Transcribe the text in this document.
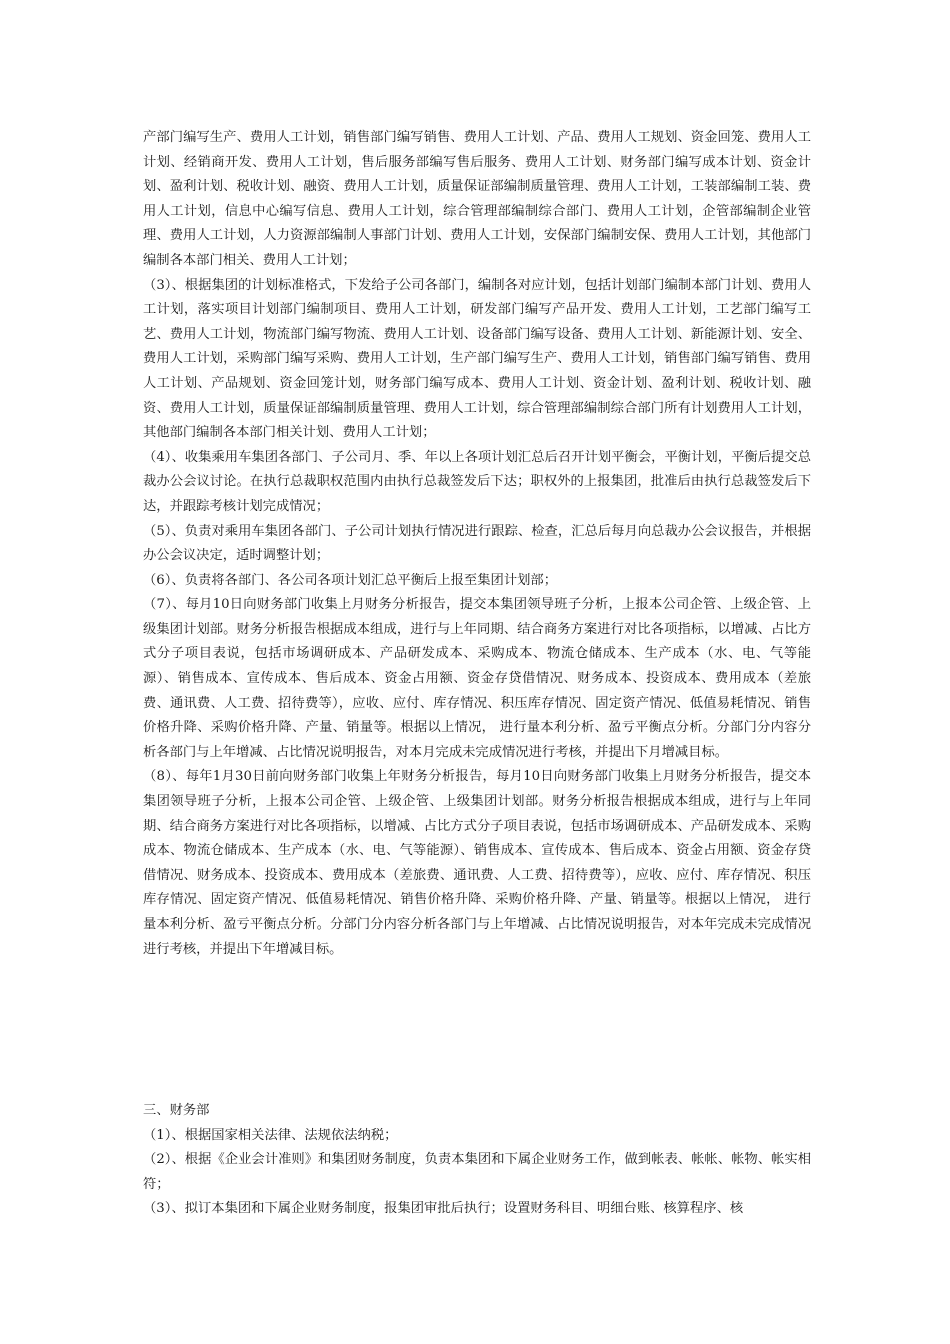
产部门编写生产、费用人工计划，销售部门编写销售、费用人工计划、产品、费用人工规划、资金回笼、费用人工计划、经销商开发、费用人工计划，售后服务部编写售后服务、费用人工计划、财务部门编写成本计划、资金计划、盈利计划、税收计划、融资、费用人工计划，质量保证部编制质量管理、费用人工计划，工装部编制工装、费用人工计划，信息中心编写信息、费用人工计划，综合管理部编制综合部门、费用人工计划，企管部编制企业管理、费用人工计划，人力资源部编制人事部门计划、费用人工计划，安保部门编制安保、费用人工计划，其他部门编制各本部门相关、费用人工计划；

（3）、根据集团的计划标准格式，下发给子公司各部门，编制各对应计划，包括计划部门编制本部门计划、费用人工计划，落实项目计划部门编制项目、费用人工计划，研发部门编写产品开发、费用人工计划，工艺部门编写工艺、费用人工计划，物流部门编写物流、费用人工计划、设备部门编写设备、费用人工计划、新能源计划、安全、费用人工计划，采购部门编写采购、费用人工计划，生产部门编写生产、费用人工计划，销售部门编写销售、费用人工计划、产品规划、资金回笼计划，财务部门编写成本、费用人工计划、资金计划、盈利计划、税收计划、融资、费用人工计划，质量保证部编制质量管理、费用人工计划，综合管理部编制综合部门所有计划费用人工计划，其他部门编制各本部门相关计划、费用人工计划；

（4）、收集乘用车集团各部门、子公司月、季、年以上各项计划汇总后召开计划平衡会，平衡计划，平衡后提交总裁办公会议讨论。在执行总裁职权范围内由执行总裁签发后下达；职权外的上报集团，批准后由执行总裁签发后下达，并跟踪考核计划完成情况；

（5）、负责对乘用车集团各部门、子公司计划执行情况进行跟踪、检查，汇总后每月向总裁办公会议报告，并根据办公会议决定，适时调整计划；

（6）、负责将各部门、各公司各项计划汇总平衡后上报至集团计划部；

（7）、每月10日向财务部门收集上月财务分析报告，提交本集团领导班子分析，上报本公司企管、上级企管、上级集团计划部。财务分析报告根据成本组成，进行与上年同期、结合商务方案进行对比各项指标，以增减、占比方式分子项目表说，包括市场调研成本、产品研发成本、采购成本、物流仓储成本、生产成本（水、电、气等能源）、销售成本、宣传成本、售后成本、资金占用额、资金存贷借情况、财务成本、投资成本、费用成本（差旅费、通讯费、人工费、招待费等），应收、应付、库存情况、积压库存情况、固定资产情况、低值易耗情况、销售价格升降、采购价格升降、产量、销量等。根据以上情况， 进行量本利分析、盈亏平衡点分析。分部门分内容分析各部门与上年增减、占比情况说明报告，对本月完成未完成情况进行考核，并提出下月增减目标。

（8）、每年1月30日前向财务部门收集上年财务分析报告，每月10日向财务部门收集上月财务分析报告，提交本集团领导班子分析，上报本公司企管、上级企管、上级集团计划部。财务分析报告根据成本组成，进行与上年同期、结合商务方案进行对比各项指标，以增减、占比方式分子项目表说，包括市场调研成本、产品研发成本、采购成本、物流仓储成本、生产成本（水、电、气等能源）、销售成本、宣传成本、售后成本、资金占用额、资金存贷借情况、财务成本、投资成本、费用成本（差旅费、通讯费、人工费、招待费等），应收、应付、库存情况、积压库存情况、固定资产情况、低值易耗情况、销售价格升降、采购价格升降、产量、销量等。根据以上情况， 进行量本利分析、盈亏平衡点分析。分部门分内容分析各部门与上年增减、占比情况说明报告，对本年完成未完成情况进行考核，并提出下年增减目标。

三、财务部

（1）、根据国家相关法律、法规依法纳税；

（2）、根据《企业会计准则》和集团财务制度，负责本集团和下属企业财务工作，做到帐表、帐帐、帐物、帐实相符；

（3）、拟订本集团和下属企业财务制度，报集团审批后执行；设置财务科目、明细台账、核算程序、核
